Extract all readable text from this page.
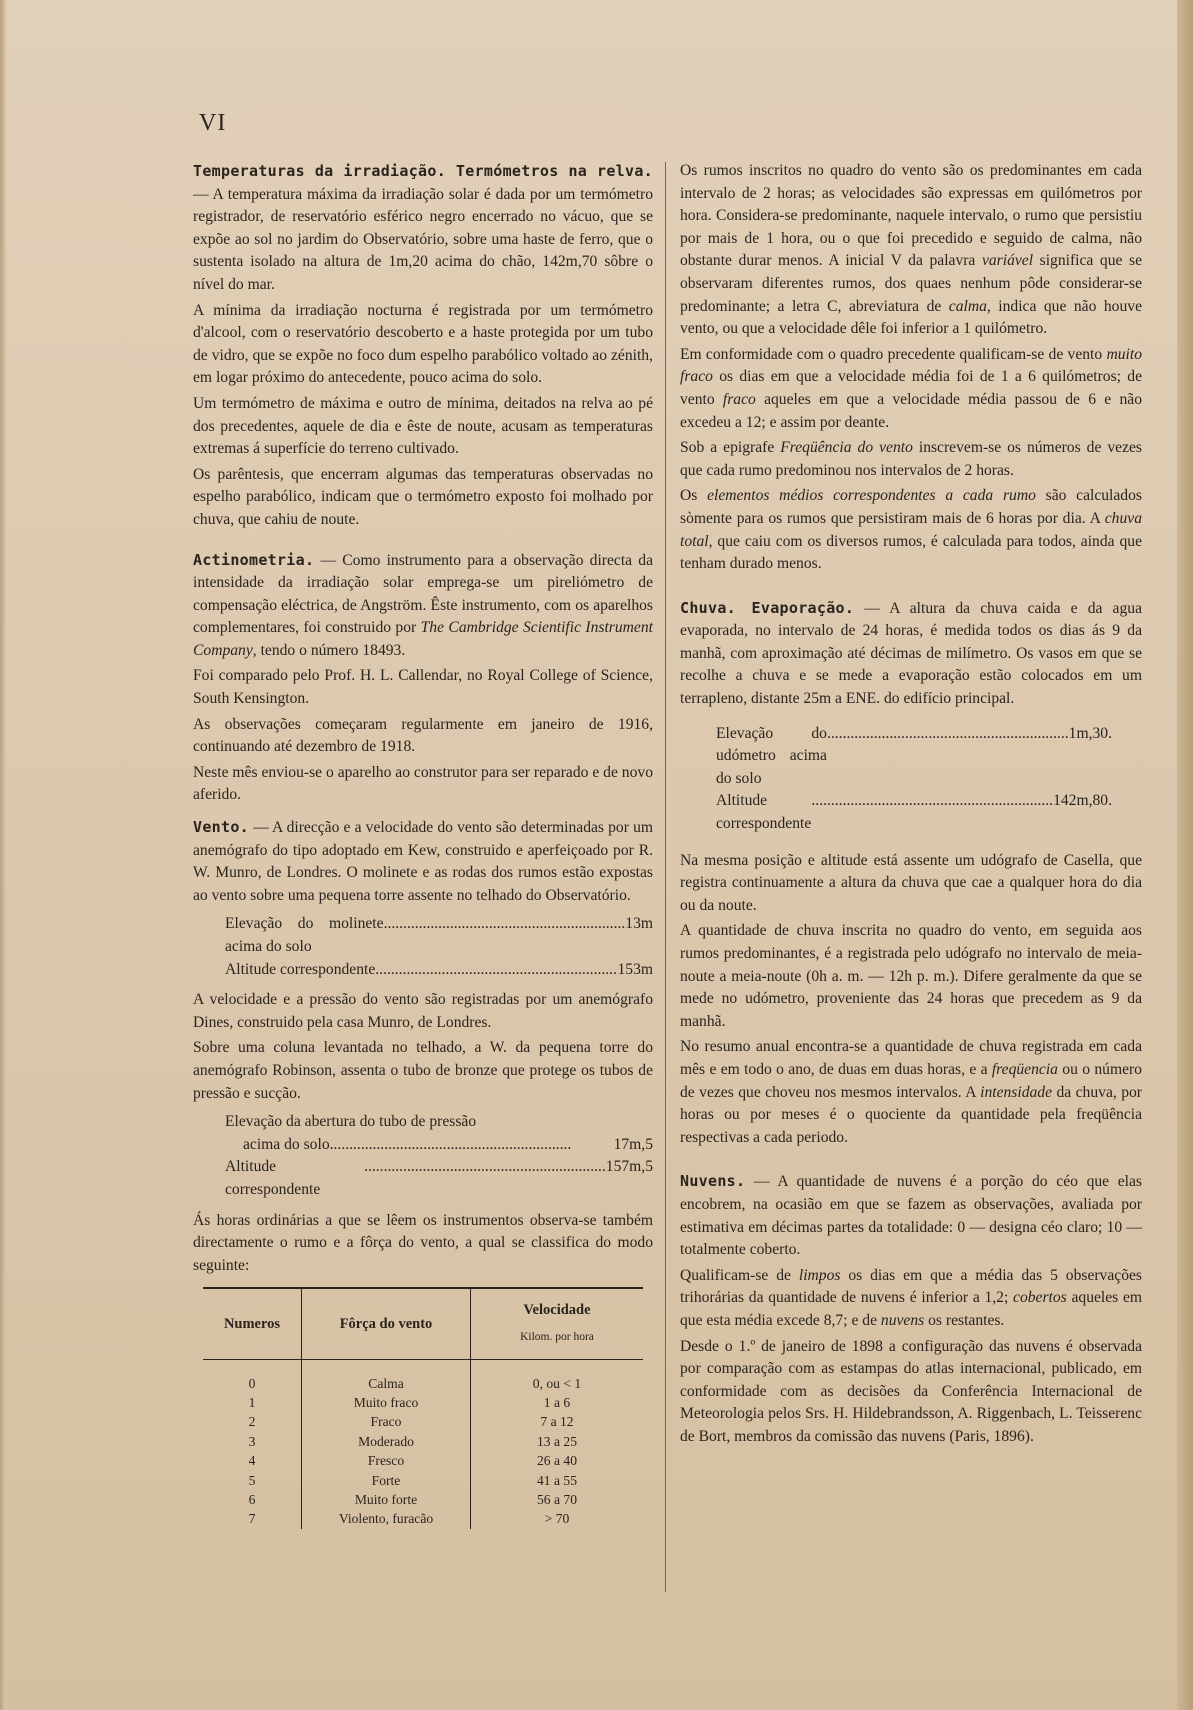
VI

Temperaturas da irradiação. Termómetros na relva. — A temperatura máxima da irradiação solar é dada por um termómetro registrador, de reservatório esférico negro encerrado no vácuo, que se expõe ao sol no jardim do Observatório, sobre uma haste de ferro, que o sustenta isolado na altura de 1m,20 acima do chão, 142m,70 sôbre o nível do mar.

A mínima da irradiação nocturna é registrada por um termómetro d'alcool, com o reservatório descoberto e a haste protegida por um tubo de vidro, que se expõe no foco dum espelho parabólico voltado ao zénith, em logar próximo do antecedente, pouco acima do solo.

Um termómetro de máxima e outro de mínima, deitados na relva ao pé dos precedentes, aquele de dia e êste de noute, acusam as temperaturas extremas á superfície do terreno cultivado.

Os parêntesis, que encerram algumas das temperaturas observadas no espelho parabólico, indicam que o termómetro exposto foi molhado por chuva, que cahiu de noute.

Actinometria. — Como instrumento para a observação directa da intensidade da irradiação solar emprega-se um pireliómetro de compensação eléctrica, de Angström. Êste instrumento, com os aparelhos complementares, foi construido por The Cambridge Scientific Instrument Company, tendo o número 18493.

Foi comparado pelo Prof. H. L. Callendar, no Royal College of Science, South Kensington.

As observações começaram regularmente em janeiro de 1916, continuando até dezembro de 1918.

Neste mês enviou-se o aparelho ao construtor para ser reparado e de novo aferido.

Vento. — A direcção e a velocidade do vento são determinadas por um anemógrafo do tipo adoptado em Kew, construido e aperfeiçoado por R. W. Munro, de Londres. O molinete e as rodas dos rumos estão expostas ao vento sobre uma pequena torre assente no telhado do Observatório.

Elevação do molinete acima do solo
.............................................................. 13m
Altitude correspondente .............................................................. 153m

A velocidade e a pressão do vento são registradas por um anemógrafo Dines, construido pela casa Munro, de Londres.

Sobre uma coluna levantada no telhado, a W. da pequena torre do anemógrafo Robinson, assenta o tubo de bronze que protege os tubos de pressão e sucção.

Elevação da abertura do tubo de pressão
acima do solo ..............................................................	17m,5
Altitude correspondente
.............................................................. 157m,5

Ás horas ordinárias a que se lêem os instrumentos observa-se também directamente o rumo e a fôrça do vento, a qual se classifica do modo seguinte:

Numeros	Fôrça do vento	Velocidade
Kilom. por hora

0	Calma	0, ou < 1
1	Muito fraco	1 a 6
2	Fraco	7 a 12
3	Moderado	13 a 25
4	Fresco	26 a 40
5	Forte	41 a 55
6	Muito forte	56 a 70
7	Violento, furacão	> 70

Os rumos inscritos no quadro do vento são os predominantes em cada intervalo de 2 horas; as velocidades são expressas em quilómetros por hora. Considera-se predominante, naquele intervalo, o rumo que persistiu por mais de 1 hora, ou o que foi precedido e seguido de calma, não obstante durar menos. A inicial V da palavra variável significa que se observaram diferentes rumos, dos quaes nenhum pôde considerar-se predominante; a letra C, abreviatura de calma, indica que não houve vento, ou que a velocidade dêle foi inferior a 1 quilómetro.

Em conformidade com o quadro precedente qualificam-se de vento muito fraco os dias em que a velocidade média foi de 1 a 6 quilómetros; de vento fraco aqueles em que a velocidade média passou de 6 e não excedeu a 12; e assim por deante.

Sob a epigrafe Freqüência do vento inscrevem-se os números de vezes que cada rumo predominou nos intervalos de 2 horas.

Os elementos médios correspondentes a cada rumo são calculados sòmente para os rumos que persistiram mais de 6 horas por dia. A chuva total, que caiu com os diversos rumos, é calculada para todos, ainda que tenham durado menos.

Chuva. Evaporação. — A altura da chuva caida e da agua evaporada, no intervalo de 24 horas, é medida todos os dias ás 9 da manhã, com aproximação até décimas de milímetro. Os vasos em que se recolhe a chuva e se mede a evaporação estão colocados em um terrapleno, distante 25m a ENE. do edifício principal.

Elevação do udómetro acima do solo
.............................................................. 1m,30.
Altitude correspondente
.............................................................. 142m,80.

Na mesma posição e altitude está assente um udógrafo de Casella, que registra continuamente a altura da chuva que cae a qualquer hora do dia ou da noute.

A quantidade de chuva inscrita no quadro do vento, em seguida aos rumos predominantes, é a registrada pelo udógrafo no intervalo de meia-noute a meia-noute (0h a. m. — 12h p. m.). Difere geralmente da que se mede no udómetro, proveniente das 24 horas que precedem as 9 da manhã.

No resumo anual encontra-se a quantidade de chuva registrada em cada mês e em todo o ano, de duas em duas horas, e a freqüencia ou o número de vezes que choveu nos mesmos intervalos. A intensidade da chuva, por horas ou por meses é o quociente da quantidade pela freqüência respectivas a cada periodo.

Nuvens. — A quantidade de nuvens é a porção do céo que elas encobrem, na ocasião em que se fazem as observações, avaliada por estimativa em décimas partes da totalidade: 0 — designa céo claro; 10 — totalmente coberto.

Qualificam-se de limpos os dias em que a média das 5 observações trihorárias da quantidade de nuvens é inferior a 1,2; cobertos aqueles em que esta média excede 8,7; e de nuvens os restantes.

Desde o 1.º de janeiro de 1898 a configuração das nuvens é observada por comparação com as estampas do atlas internacional, publicado, em conformidade com as decisões da Conferência Internacional de Meteorologia pelos Srs. H. Hildebrandsson, A. Riggenbach, L. Teisserenc de Bort, membros da comissão das nuvens (Paris, 1896).
